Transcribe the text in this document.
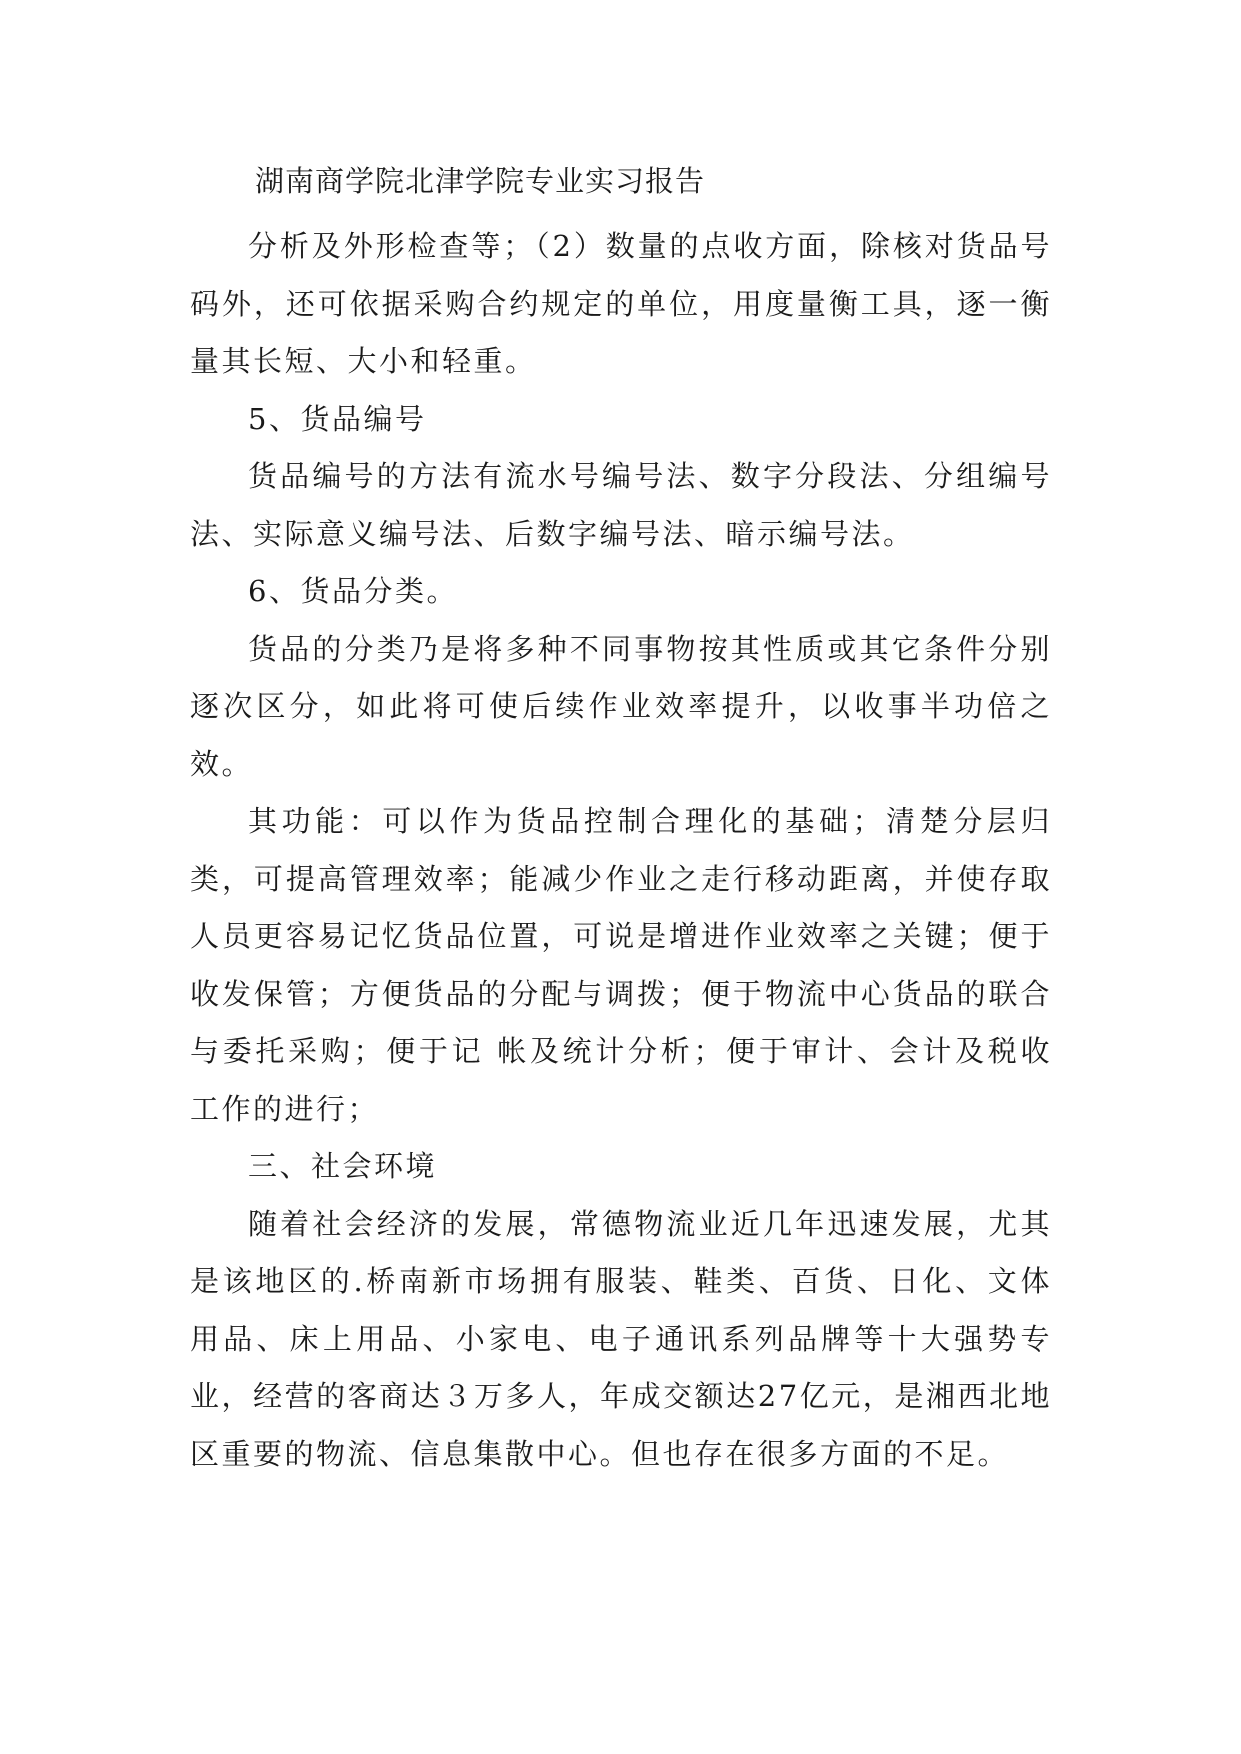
湖南商学院北津学院专业实习报告

分析及外形检查等；（2）数量的点收方面，除核对货品号码外，还可依据采购合约规定的单位，用度量衡工具，逐一衡量其长短、大小和轻重。

5、货品编号

货品编号的方法有流水号编号法、数字分段法、分组编号法、实际意义编号法、后数字编号法、暗示编号法。

6、货品分类。

货品的分类乃是将多种不同事物按其性质或其它条件分别逐次区分，如此将可使后续作业效率提升，以收事半功倍之效。

其功能：可以作为货品控制合理化的基础；清楚分层归类，可提高管理效率；能减少作业之走行移动距离，并使存取人员更容易记忆货品位置，可说是增进作业效率之关键；便于收发保管；方便货品的分配与调拨；便于物流中心货品的联合与委托采购；便于记 帐及统计分析；便于审计、会计及税收工作的进行；

三、社会环境

随着社会经济的发展，常德物流业近几年迅速发展，尤其是该地区的.桥南新市场拥有服装、鞋类、百货、日化、文体用品、床上用品、小家电、电子通讯系列品牌等十大强势专业，经营的客商达３万多人，年成交额达27亿元，是湘西北地区重要的物流、信息集散中心。但也存在很多方面的不足。
